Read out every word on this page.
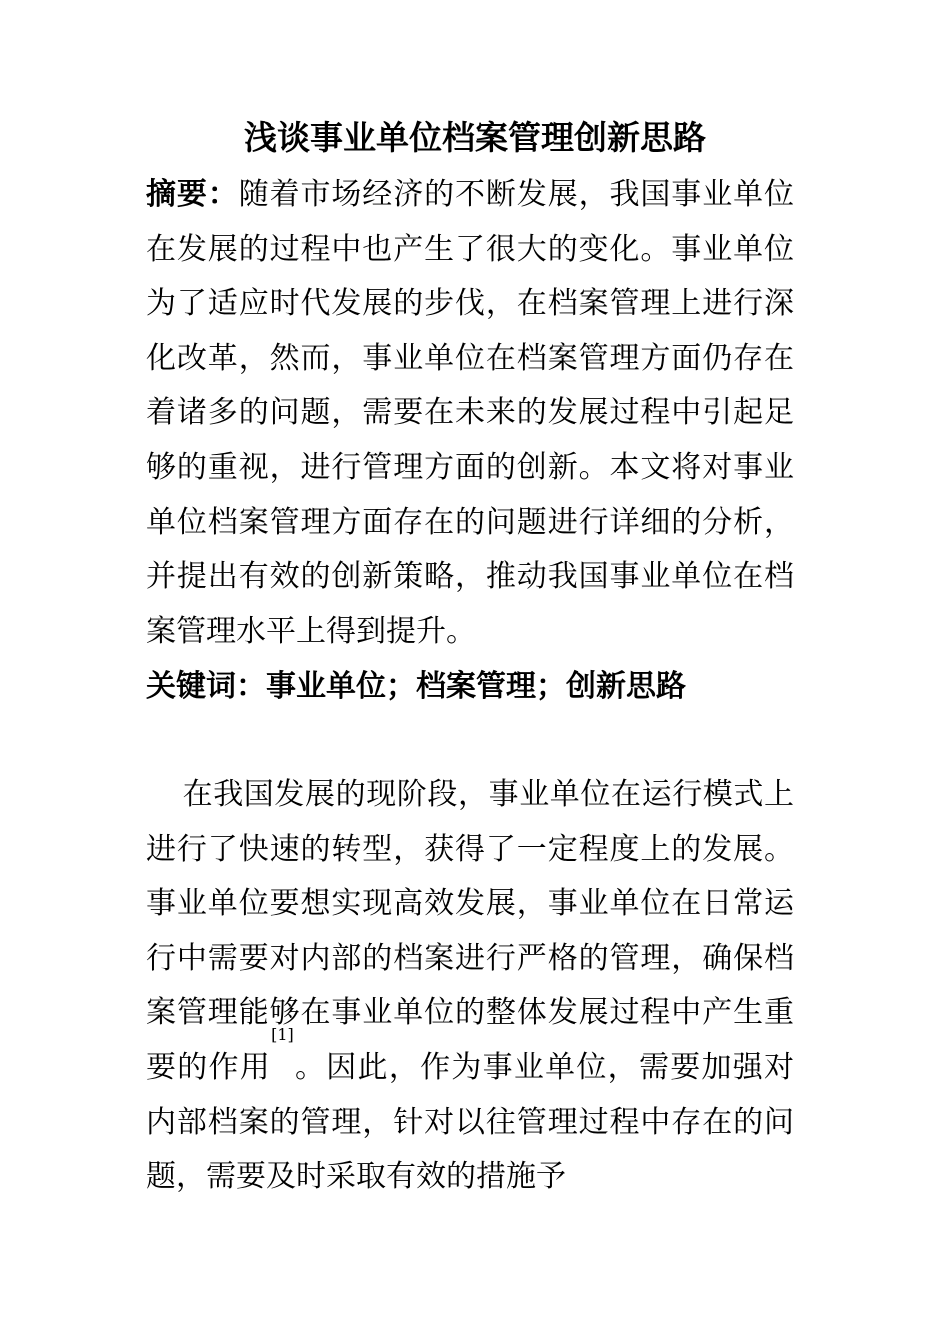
浅谈事业单位档案管理创新思路

摘要：随着市场经济的不断发展，我国事业单位在发展的过程中也产生了很大的变化。事业单位为了适应时代发展的步伐，在档案管理上进行深化改革，然而，事业单位在档案管理方面仍存在着诸多的问题，需要在未来的发展过程中引起足够的重视，进行管理方面的创新。本文将对事业单位档案管理方面存在的问题进行详细的分析，并提出有效的创新策略，推动我国事业单位在档案管理水平上得到提升。

关键词：事业单位；档案管理；创新思路

在我国发展的现阶段，事业单位在运行模式上进行了快速的转型，获得了一定程度上的发展。事业单位要想实现高效发展，事业单位在日常运行中需要对内部的档案进行严格的管理，确保档案管理能够在事业单位的整体发展过程中产生重要的作用[1]。因此，作为事业单位，需要加强对内部档案的管理，针对以往管理过程中存在的问题，需要及时采取有效的措施予
